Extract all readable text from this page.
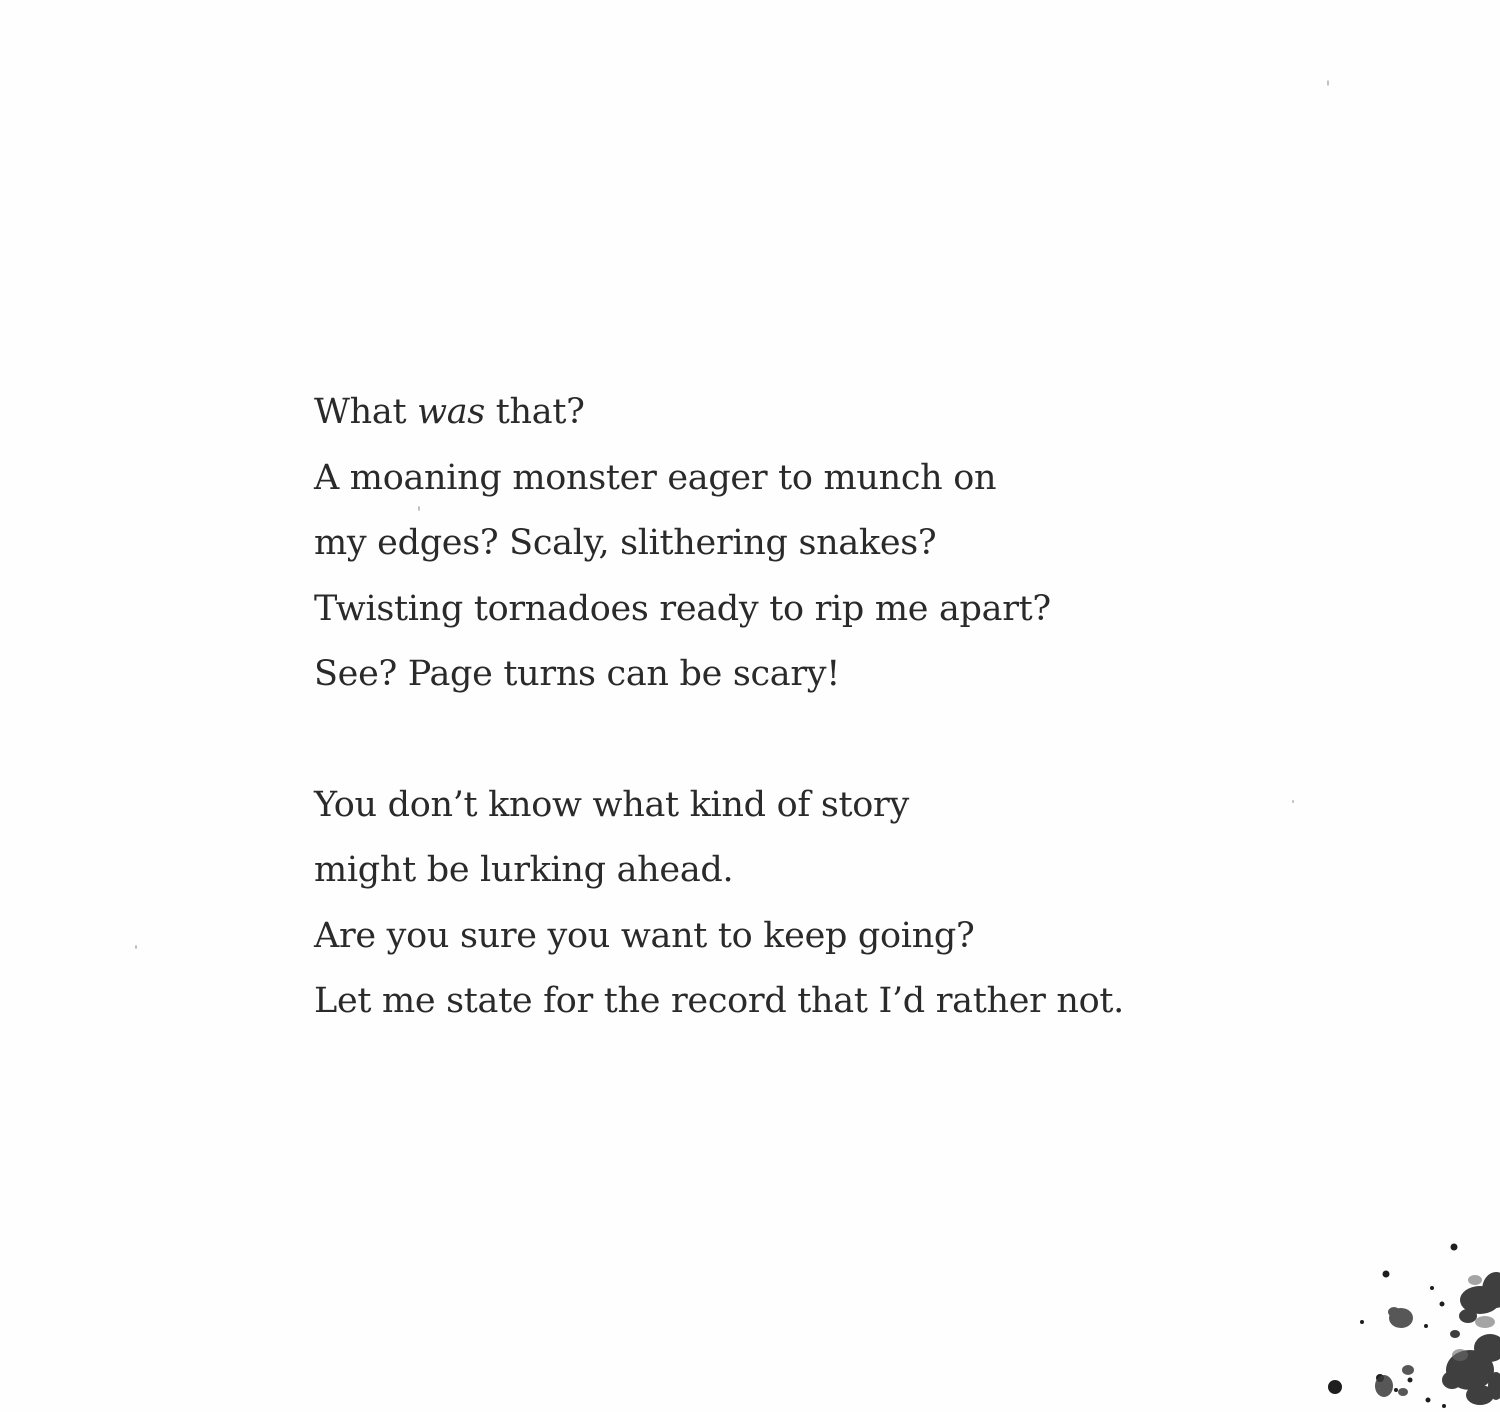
What was that?
A moaning monster eager to munch on
my edges? Scaly, slithering snakes?
Twisting tornadoes ready to rip me apart?
See? Page turns can be scary!
You don’t know what kind of story
might be lurking ahead.
Are you sure you want to keep going?
Let me state for the record that I’d rather not.
